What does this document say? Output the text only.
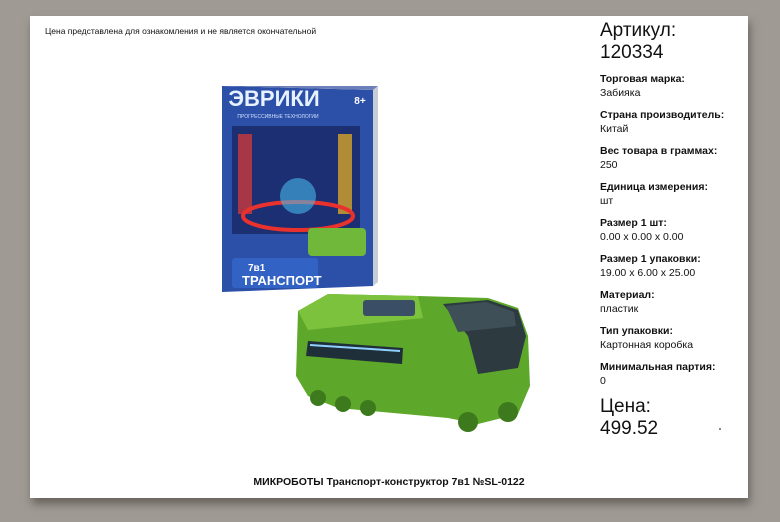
Цена представлена для ознакомления и не является окончательной
ЭВРИКИ	8+
ПРОГРЕССИВНЫЕ ТЕХНОЛОГИИ
7в1
ТРАНСПОРТ
МИКРОБОТЫ Транспорт-конструктор 7в1 №SL-0122
Артикул:
120334
Торговая марка:
Забияка
Страна производитель:
Китай
Вес товара в граммах:
250
Единица измерения:
шт
Размер 1 шт:
0.00 x 0.00 x 0.00
Размер 1 упаковки:
19.00 x 6.00 x 25.00
Материал:
пластик
Тип упаковки:
Картонная коробка
Минимальная партия:
0
Цена:
499.52
